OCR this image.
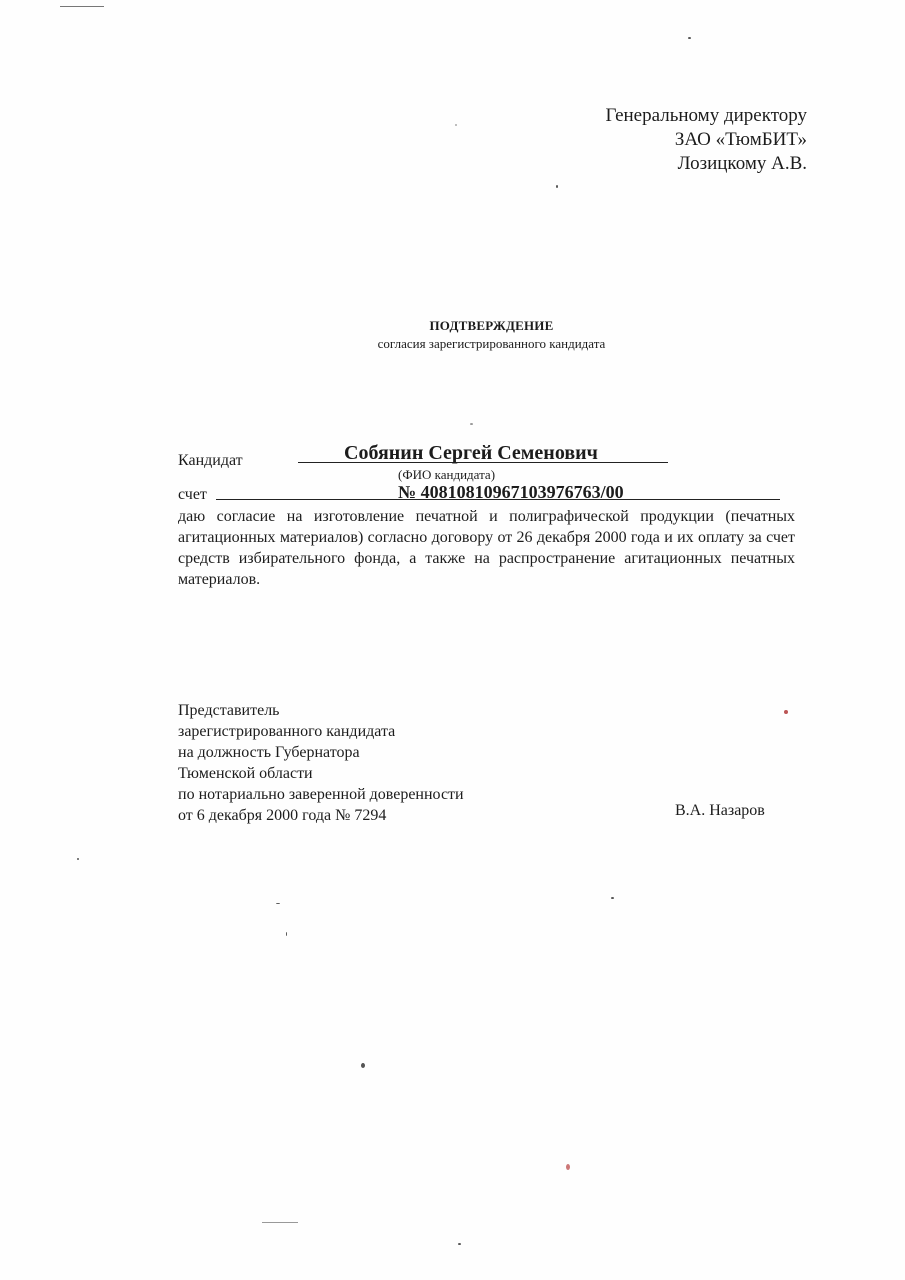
Генеральному директору
ЗАО «ТюмБИТ»
Лозицкому А.В.
ПОДТВЕРЖДЕНИЕ
согласия зарегистрированного кандидата
Кандидат	Собянин Сергей Семенович
(ФИО кандидата)
счет	№ 40810810967103976763/00
даю согласие на изготовление печатной и полиграфической продукции (печатных агитационных материалов) согласно договору от 26 декабря 2000 года и их оплату за счет средств избирательного фонда, а также на распространение агитационных печатных материалов.
Представитель
зарегистрированного кандидата
на должность Губернатора
Тюменской области
по нотариально заверенной доверенности
от 6 декабря 2000 года № 7294	В.А. Назаров
